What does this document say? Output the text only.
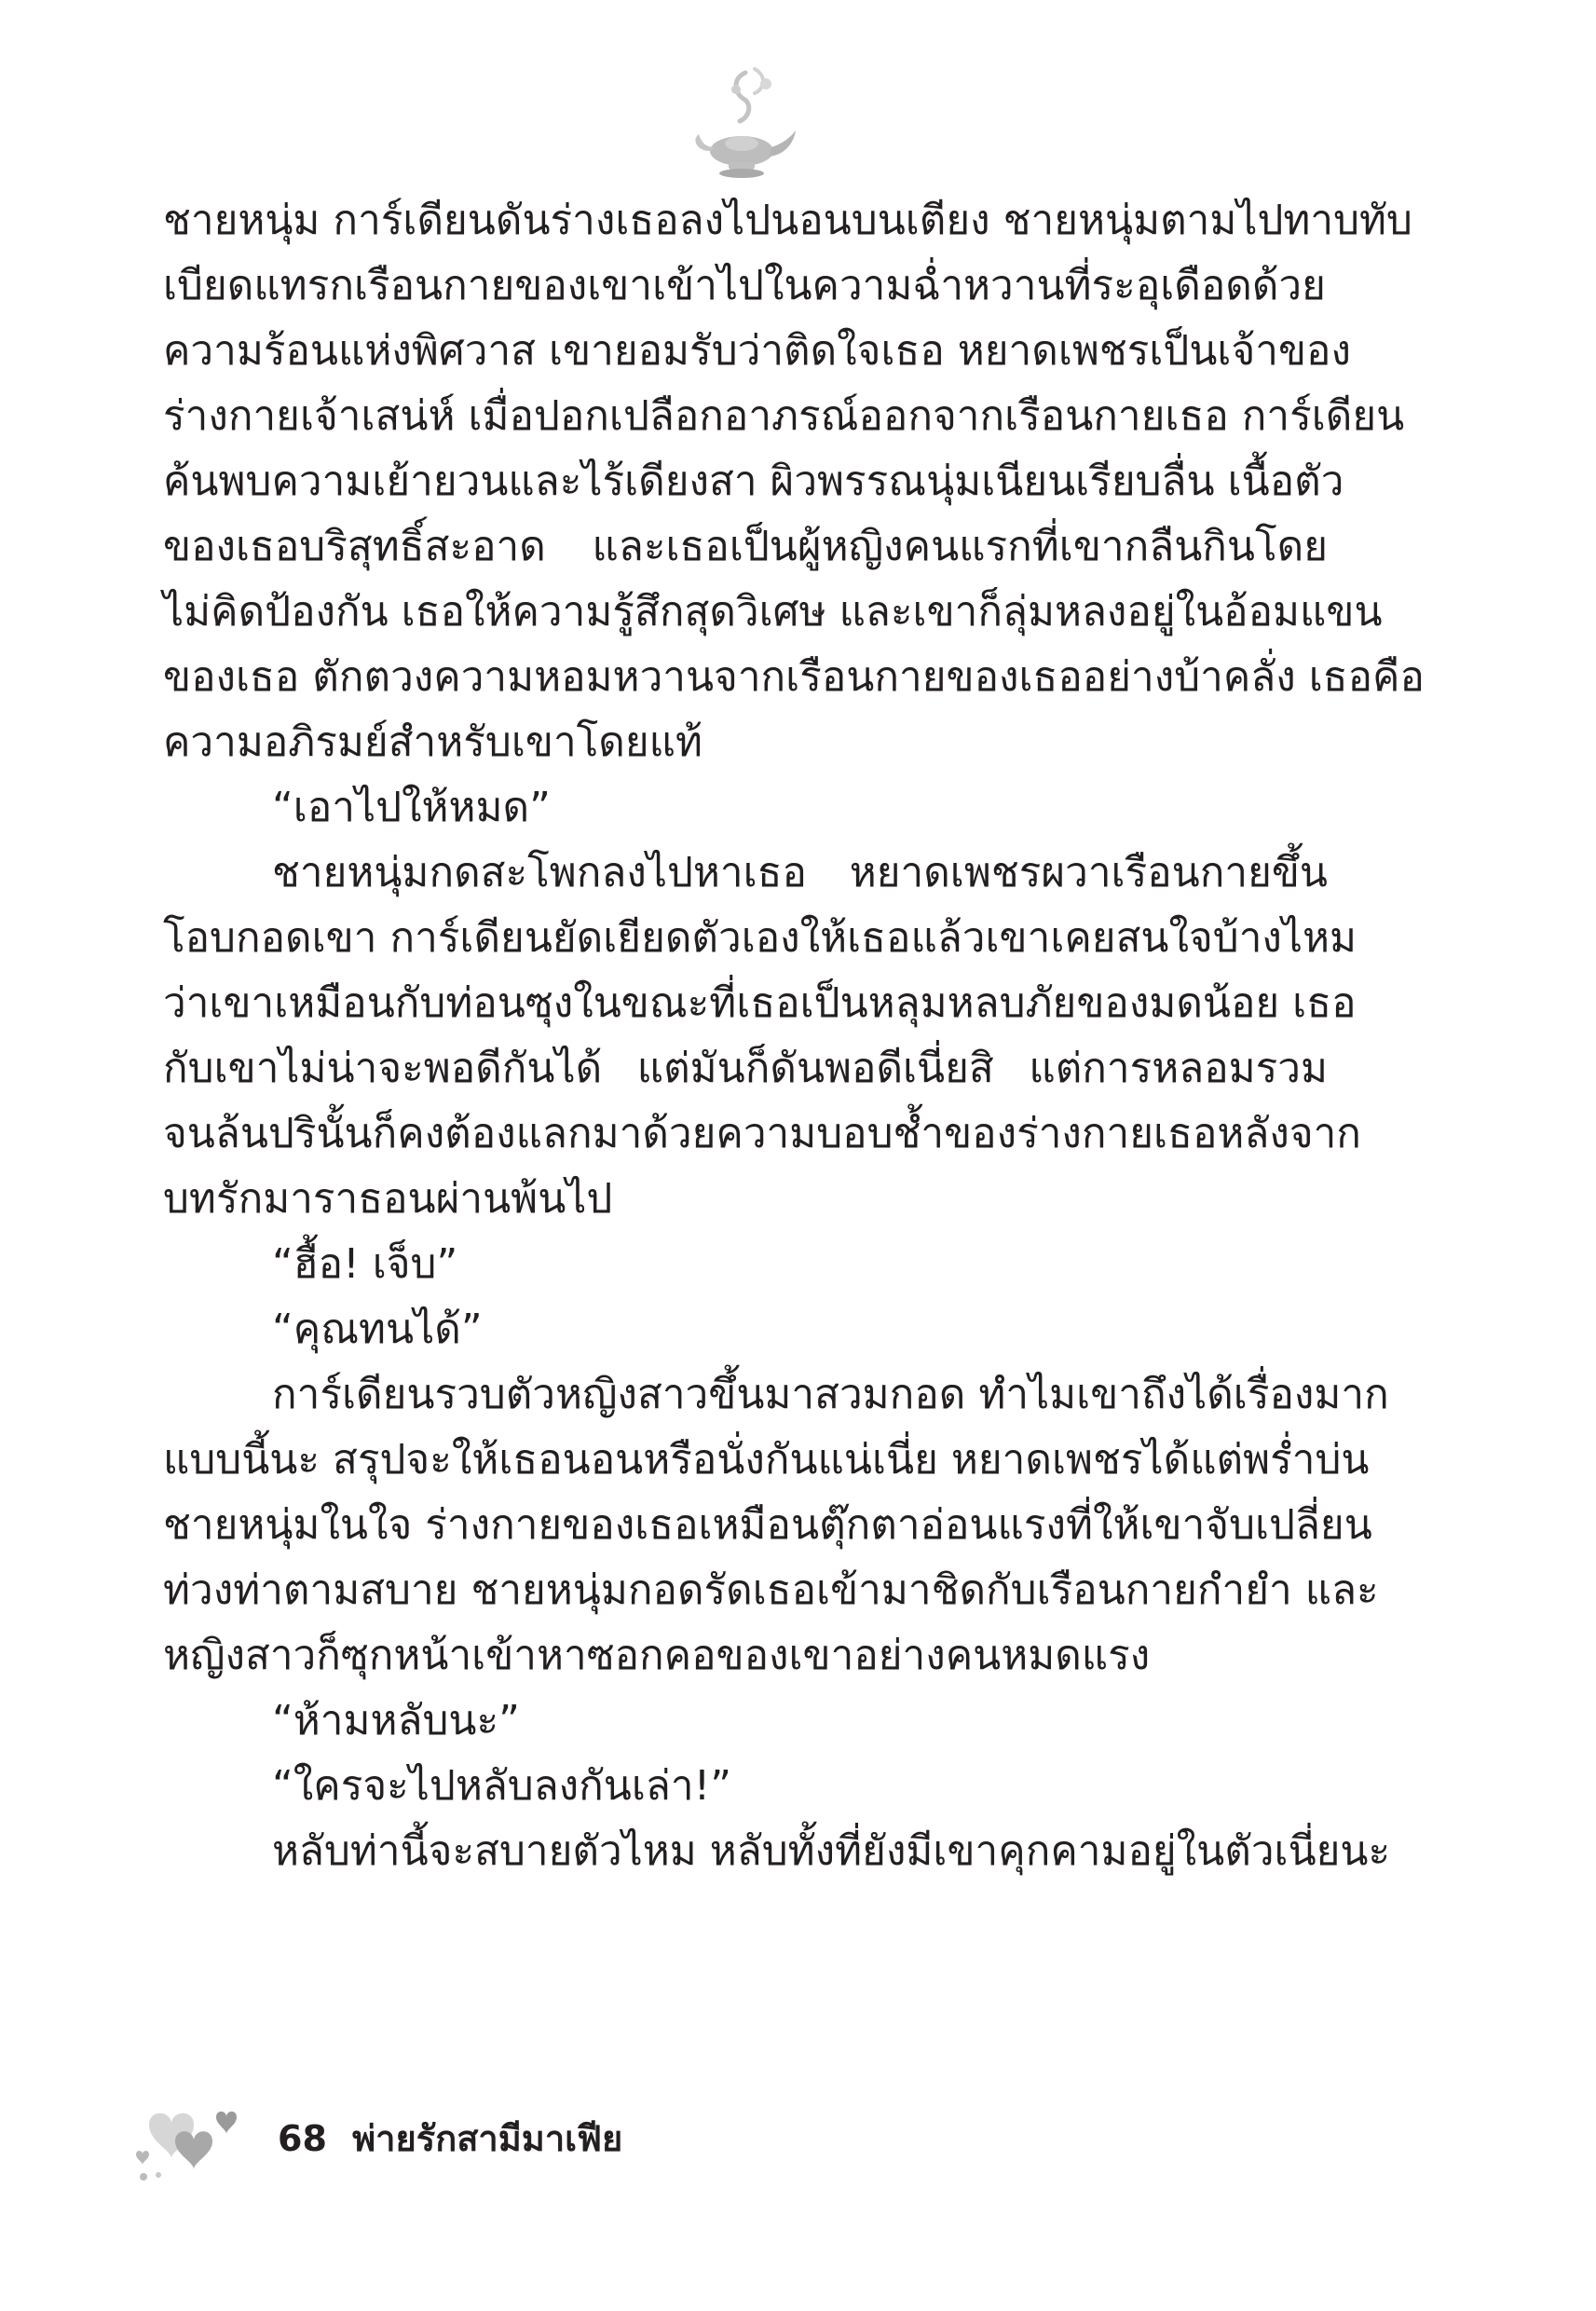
ชายหนุ่ม การ์เดียนดันร่างเธอลงไปนอนบนเตียง ชายหนุ่มตามไปทาบทับ
เบียดแทรกเรือนกายของเขาเข้าไปในความฉ่ำหวานที่ระอุเดือดด้วย
ความร้อนแห่งพิศวาส เขายอมรับว่าติดใจเธอ หยาดเพชรเป็นเจ้าของ
ร่างกายเจ้าเสน่ห์ เมื่อปอกเปลือกอาภรณ์ออกจากเรือนกายเธอ การ์เดียน
ค้นพบความเย้ายวนและไร้เดียงสา ผิวพรรณนุ่มเนียนเรียบลื่น เนื้อตัว
ของเธอบริสุทธิ์สะอาด และเธอเป็นผู้หญิงคนแรกที่เขากลืนกินโดย
ไม่คิดป้องกัน เธอให้ความรู้สึกสุดวิเศษ และเขาก็ลุ่มหลงอยู่ในอ้อมแขน
ของเธอ ตักตวงความหอมหวานจากเรือนกายของเธออย่างบ้าคลั่ง เธอคือ
ความอภิรมย์สำหรับเขาโดยแท้
“เอาไปให้หมด”
ชายหนุ่มกดสะโพกลงไปหาเธอ หยาดเพชรผวาเรือนกายขึ้น
โอบกอดเขา การ์เดียนยัดเยียดตัวเองให้เธอแล้วเขาเคยสนใจบ้างไหม
ว่าเขาเหมือนกับท่อนซุงในขณะที่เธอเป็นหลุมหลบภัยของมดน้อย เธอ
กับเขาไม่น่าจะพอดีกันได้ แต่มันก็ดันพอดีเนี่ยสิ แต่การหลอมรวม
จนล้นปรินั้นก็คงต้องแลกมาด้วยความบอบช้ำของร่างกายเธอหลังจาก
บทรักมาราธอนผ่านพ้นไป
“ฮื้อ! เจ็บ”
“คุณทนได้”
การ์เดียนรวบตัวหญิงสาวขึ้นมาสวมกอด ทำไมเขาถึงได้เรื่องมาก
แบบนี้นะ สรุปจะให้เธอนอนหรือนั่งกันแน่เนี่ย หยาดเพชรได้แต่พร่ำบ่น
ชายหนุ่มในใจ ร่างกายของเธอเหมือนตุ๊กตาอ่อนแรงที่ให้เขาจับเปลี่ยน
ท่วงท่าตามสบาย ชายหนุ่มกอดรัดเธอเข้ามาชิดกับเรือนกายกำยำ และ
หญิงสาวก็ซุกหน้าเข้าหาซอกคอของเขาอย่างคนหมดแรง
“ห้ามหลับนะ”
“ใครจะไปหลับลงกันเล่า!”
หลับท่านี้จะสบายตัวไหม หลับทั้งที่ยังมีเขาคุกคามอยู่ในตัวเนี่ยนะ
68 พ่ายรักสามีมาเฟีย
